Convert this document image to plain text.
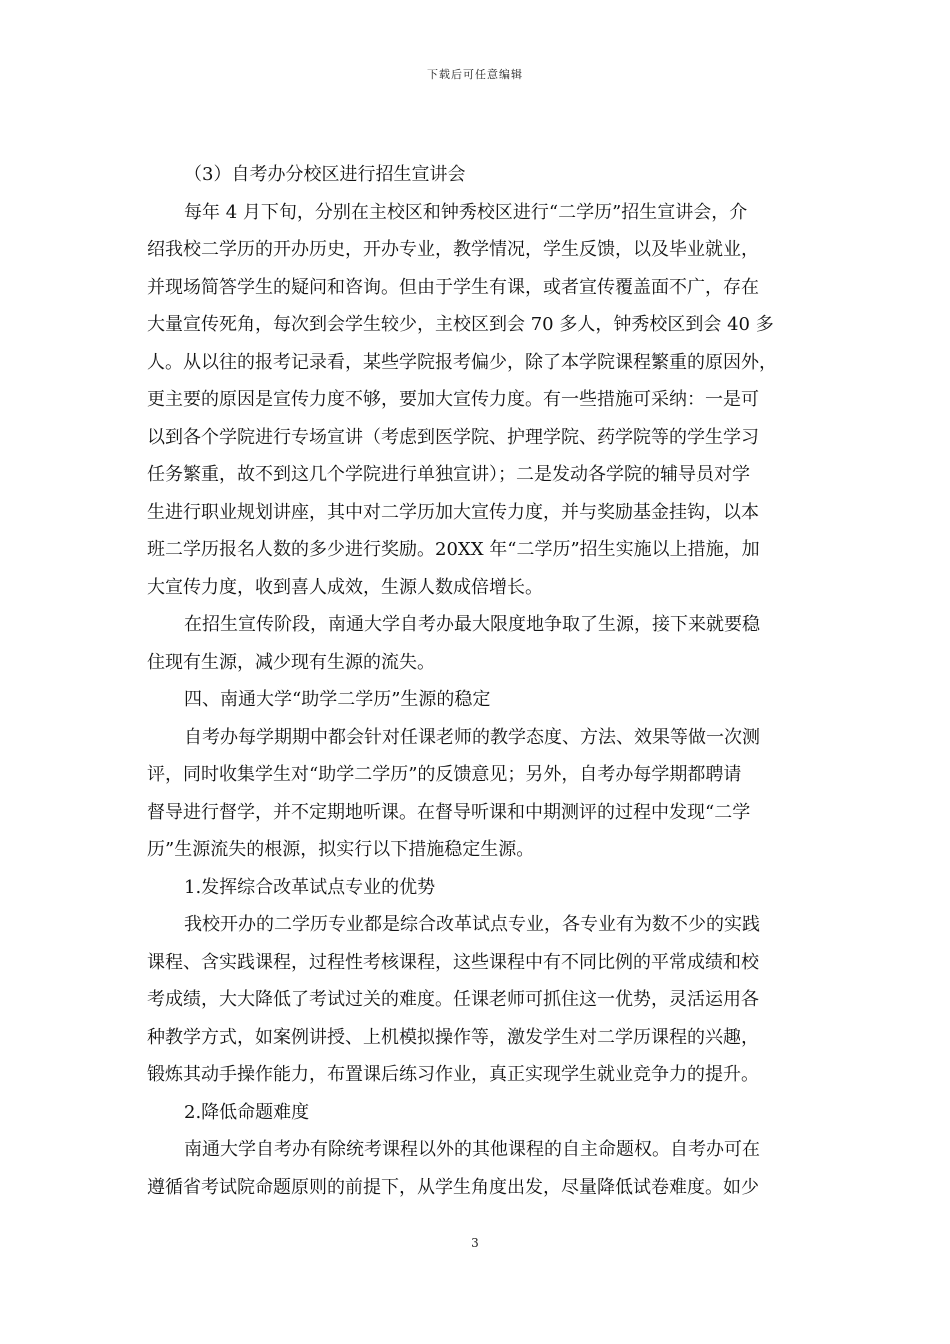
下载后可任意编辑
（3）自考办分校区进行招生宣讲会
每年 4 月下旬，分别在主校区和钟秀校区进行“二学历”招生宣讲会，介
绍我校二学历的开办历史，开办专业，教学情况，学生反馈，以及毕业就业，
并现场简答学生的疑问和咨询。但由于学生有课，或者宣传覆盖面不广，存在
大量宣传死角，每次到会学生较少，主校区到会 70 多人，钟秀校区到会 40 多
人。从以往的报考记录看，某些学院报考偏少，除了本学院课程繁重的原因外，
更主要的原因是宣传力度不够，要加大宣传力度。有一些措施可采纳：一是可
以到各个学院进行专场宣讲（考虑到医学院、护理学院、药学院等的学生学习
任务繁重，故不到这几个学院进行单独宣讲）；二是发动各学院的辅导员对学
生进行职业规划讲座，其中对二学历加大宣传力度，并与奖励基金挂钩，以本
班二学历报名人数的多少进行奖励。20XX 年“二学历”招生实施以上措施，加
大宣传力度，收到喜人成效，生源人数成倍增长。
在招生宣传阶段，南通大学自考办最大限度地争取了生源，接下来就要稳
住现有生源，减少现有生源的流失。
四、南通大学“助学二学历”生源的稳定
自考办每学期期中都会针对任课老师的教学态度、方法、效果等做一次测
评，同时收集学生对“助学二学历”的反馈意见；另外，自考办每学期都聘请
督导进行督学，并不定期地听课。在督导听课和中期测评的过程中发现“二学
历”生源流失的根源，拟实行以下措施稳定生源。
1.发挥综合改革试点专业的优势
我校开办的二学历专业都是综合改革试点专业，各专业有为数不少的实践
课程、含实践课程，过程性考核课程，这些课程中有不同比例的平常成绩和校
考成绩，大大降低了考试过关的难度。任课老师可抓住这一优势，灵活运用各
种教学方式，如案例讲授、上机模拟操作等，激发学生对二学历课程的兴趣，
锻炼其动手操作能力，布置课后练习作业，真正实现学生就业竞争力的提升。
2.降低命题难度
南通大学自考办有除统考课程以外的其他课程的自主命题权。自考办可在
遵循省考试院命题原则的前提下，从学生角度出发，尽量降低试卷难度。如少
3
